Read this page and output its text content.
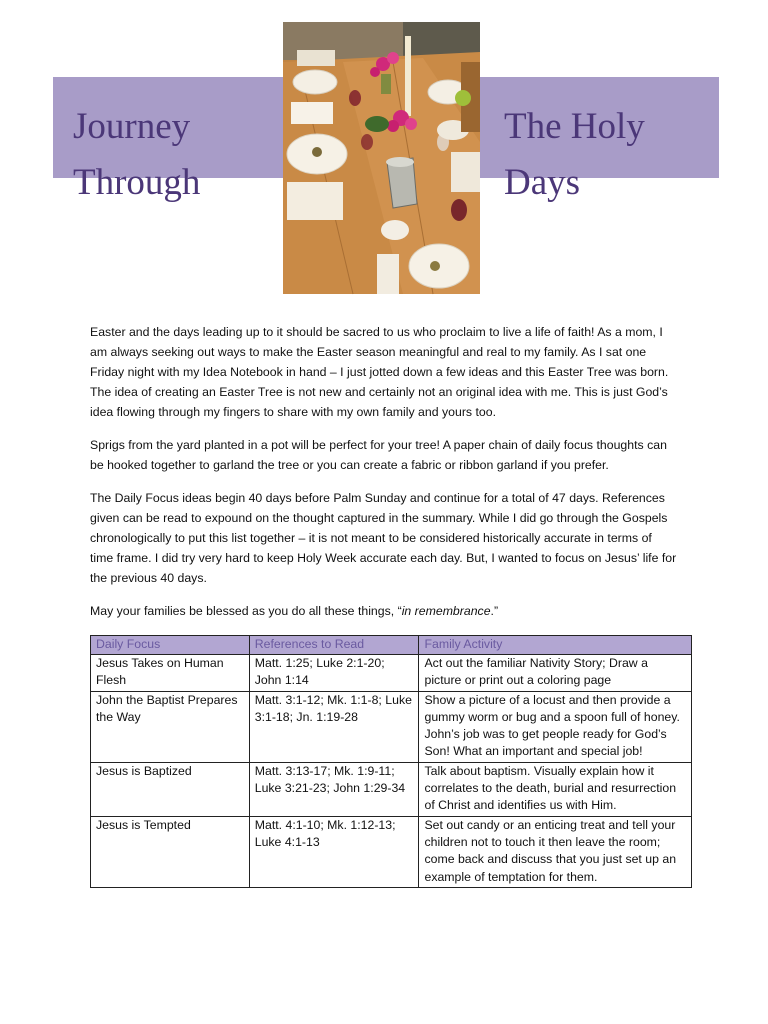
Journey Through
The Holy Days

Easter and the days leading up to it should be sacred to us who proclaim to live a life of faith! As a mom, I am always seeking out ways to make the Easter season meaningful and real to my family. As I sat one Friday night with my Idea Notebook in hand – I just jotted down a few ideas and this Easter Tree was born. The idea of creating an Easter Tree is not new and certainly not an original idea with me. This is just God’s idea flowing through my fingers to share with my own family and yours too.

Sprigs from the yard planted in a pot will be perfect for your tree! A paper chain of daily focus thoughts can be hooked together to garland the tree or you can create a fabric or ribbon garland if you prefer.

The Daily Focus ideas begin 40 days before Palm Sunday and continue for a total of 47 days. References given can be read to expound on the thought captured in the summary. While I did go through the Gospels chronologically to put this list together – it is not meant to be considered historically accurate in terms of time frame. I did try very hard to keep Holy Week accurate each day. But, I wanted to focus on Jesus’ life for the previous 40 days.

May your families be blessed as you do all these things, “in remembrance.”

Daily Focus	References to Read	Family Activity
Jesus Takes on Human Flesh	Matt. 1:25; Luke 2:1-20; John 1:14	Act out the familiar Nativity Story; Draw a picture or print out a coloring page
John the Baptist Prepares the Way	Matt. 3:1-12; Mk. 1:1-8; Luke 3:1-18; Jn. 1:19-28	Show a picture of a locust and then provide a gummy worm or bug and a spoon full of honey. John’s job was to get people ready for God’s Son! What an important and special job!
Jesus is Baptized	Matt. 3:13-17; Mk. 1:9-11; Luke 3:21-23; John 1:29-34	Talk about baptism. Visually explain how it correlates to the death, burial and resurrection of Christ and identifies us with Him.
Jesus is Tempted	Matt. 4:1-10; Mk. 1:12-13; Luke 4:1-13	Set out candy or an enticing treat and tell your children not to touch it then leave the room; come back and discuss that you just set up an example of temptation for them.
